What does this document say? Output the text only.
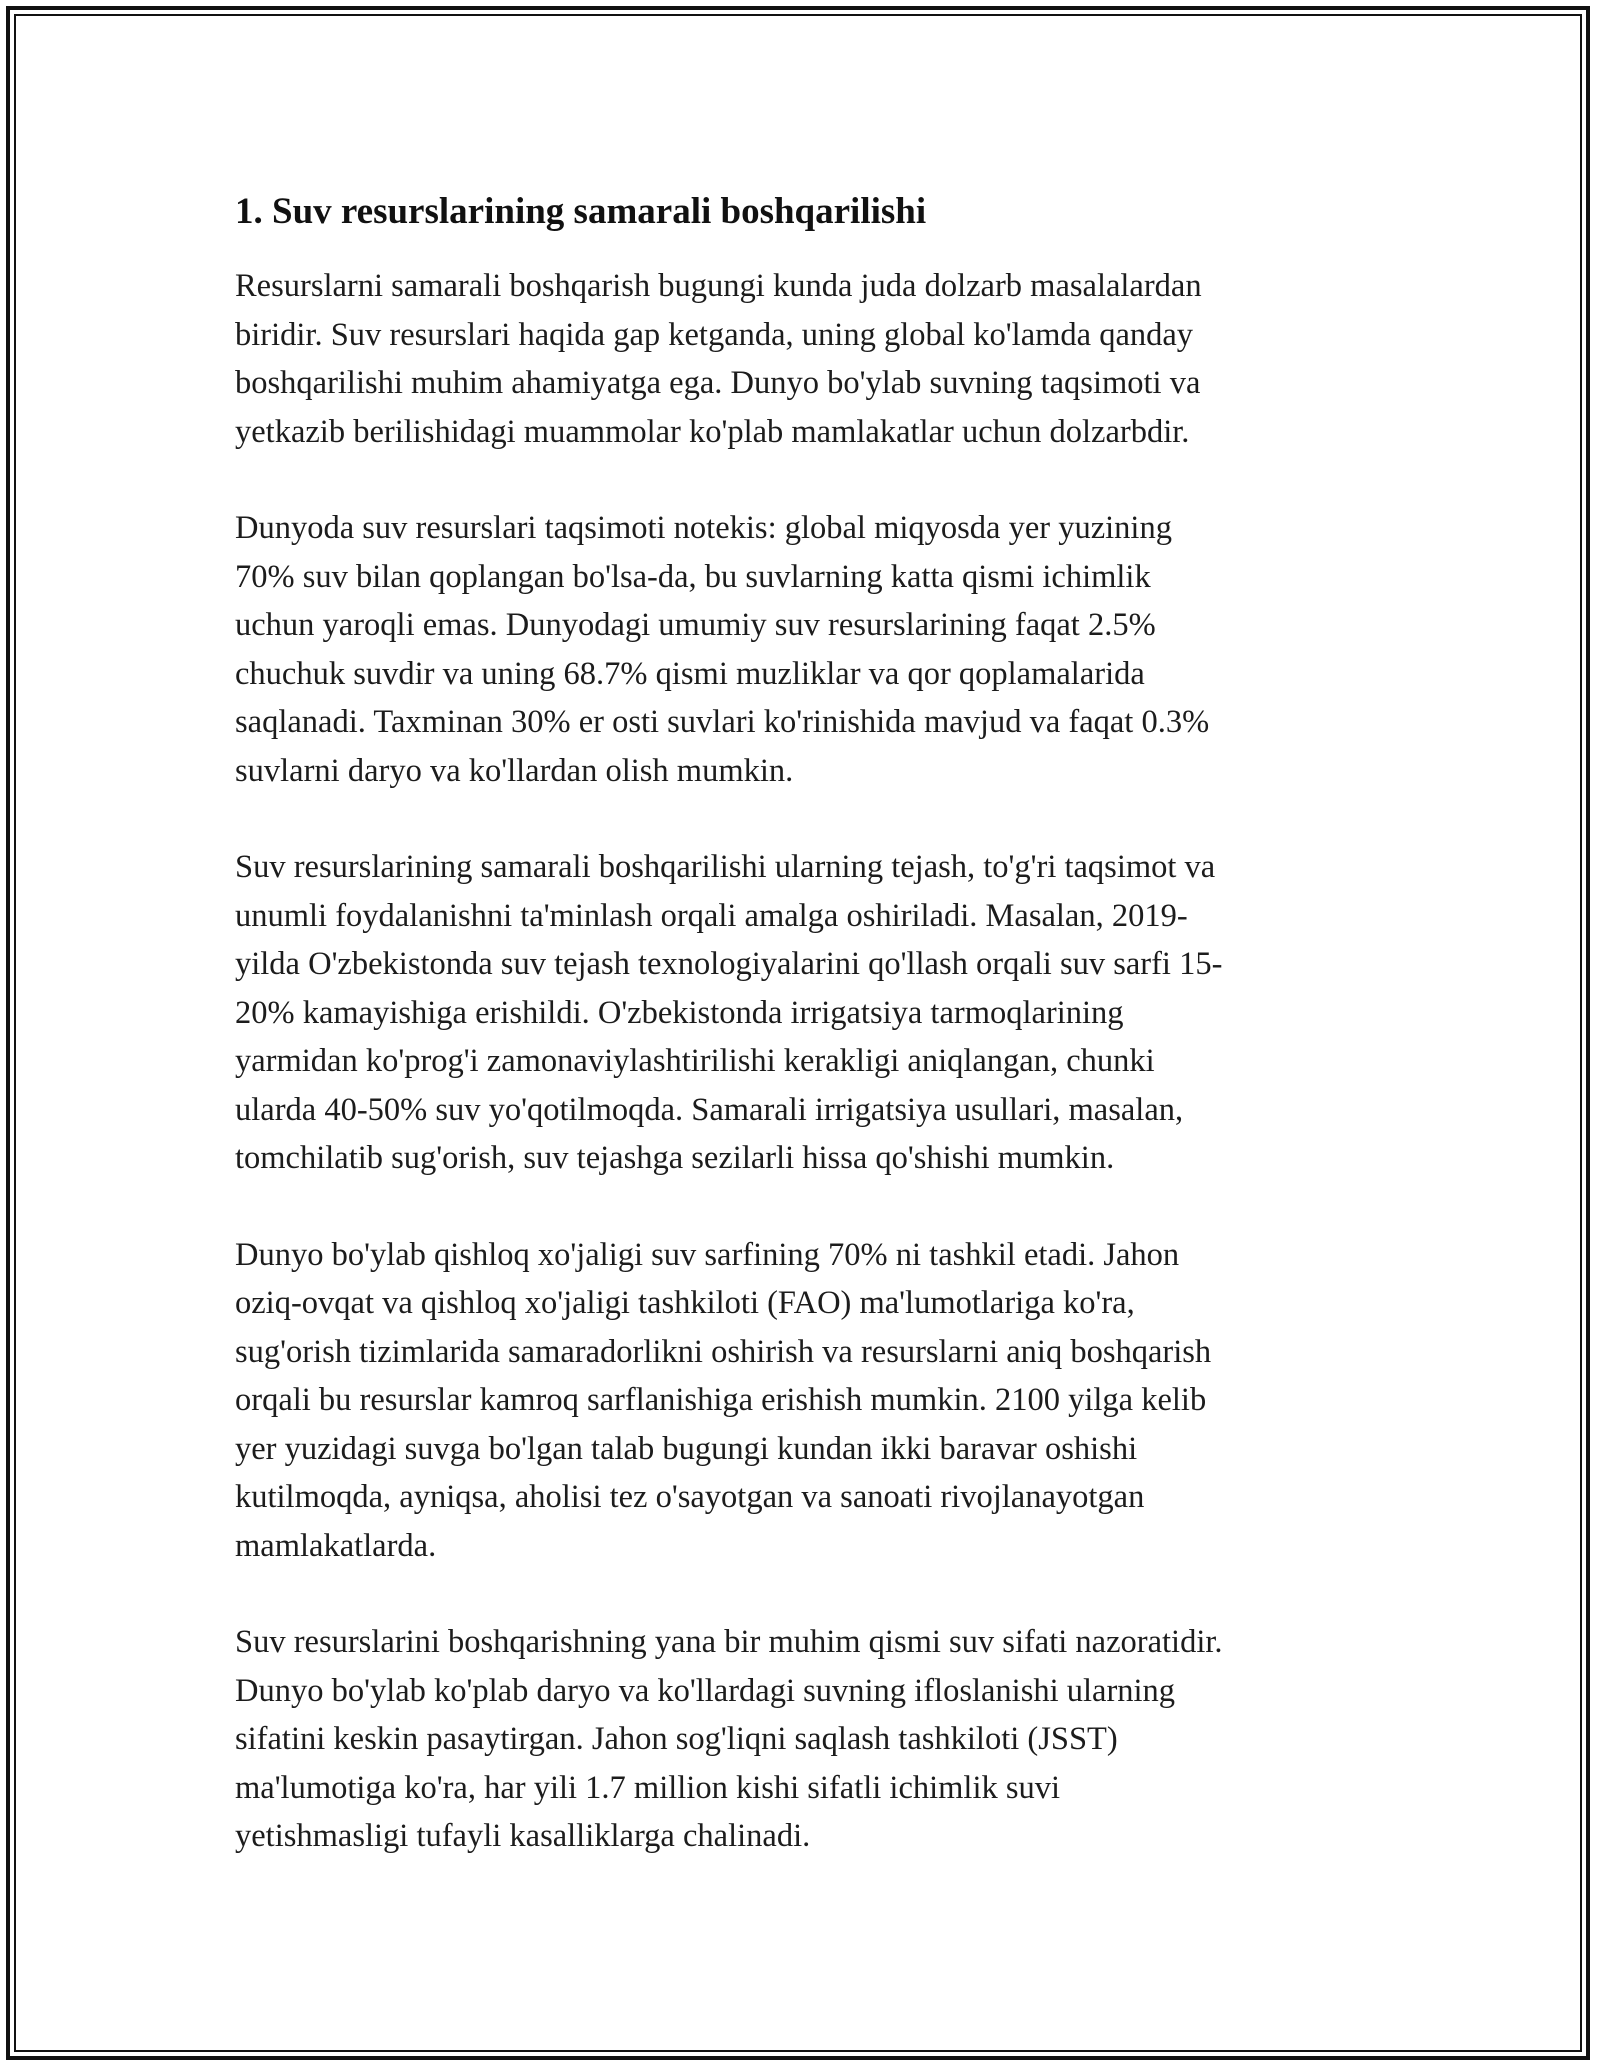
1. Suv resurslarining samarali boshqarilishi

Resurslarni samarali boshqarish bugungi kunda juda dolzarb masalalardan
biridir. Suv resurslari haqida gap ketganda, uning global ko'lamda qanday
boshqarilishi muhim ahamiyatga ega. Dunyo bo'ylab suvning taqsimoti va
yetkazib berilishidagi muammolar ko'plab mamlakatlar uchun dolzarbdir.

Dunyoda suv resurslari taqsimoti notekis: global miqyosda yer yuzining
70% suv bilan qoplangan bo'lsa-da, bu suvlarning katta qismi ichimlik
uchun yaroqli emas. Dunyodagi umumiy suv resurslarining faqat 2.5%
chuchuk suvdir va uning 68.7% qismi muzliklar va qor qoplamalarida
saqlanadi. Taxminan 30% er osti suvlari ko'rinishida mavjud va faqat 0.3%
suvlarni daryo va ko'llardan olish mumkin.

Suv resurslarining samarali boshqarilishi ularning tejash, to'g'ri taqsimot va
unumli foydalanishni ta'minlash orqali amalga oshiriladi. Masalan, 2019-
yilda O'zbekistonda suv tejash texnologiyalarini qo'llash orqali suv sarfi 15-
20% kamayishiga erishildi. O'zbekistonda irrigatsiya tarmoqlarining
yarmidan ko'prog'i zamonaviylashtirilishi kerakligi aniqlangan, chunki
ularda 40-50% suv yo'qotilmoqda. Samarali irrigatsiya usullari, masalan,
tomchilatib sug'orish, suv tejashga sezilarli hissa qo'shishi mumkin.

Dunyo bo'ylab qishloq xo'jaligi suv sarfining 70% ni tashkil etadi. Jahon
oziq-ovqat va qishloq xo'jaligi tashkiloti (FAO) ma'lumotlariga ko'ra,
sug'orish tizimlarida samaradorlikni oshirish va resurslarni aniq boshqarish
orqali bu resurslar kamroq sarflanishiga erishish mumkin. 2100 yilga kelib
yer yuzidagi suvga bo'lgan talab bugungi kundan ikki baravar oshishi
kutilmoqda, ayniqsa, aholisi tez o'sayotgan va sanoati rivojlanayotgan
mamlakatlarda.

Suv resurslarini boshqarishning yana bir muhim qismi suv sifati nazoratidir.
Dunyo bo'ylab ko'plab daryo va ko'llardagi suvning ifloslanishi ularning
sifatini keskin pasaytirgan. Jahon sog'liqni saqlash tashkiloti (JSST)
ma'lumotiga ko'ra, har yili 1.7 million kishi sifatli ichimlik suvi
yetishmasligi tufayli kasalliklarga chalinadi.
